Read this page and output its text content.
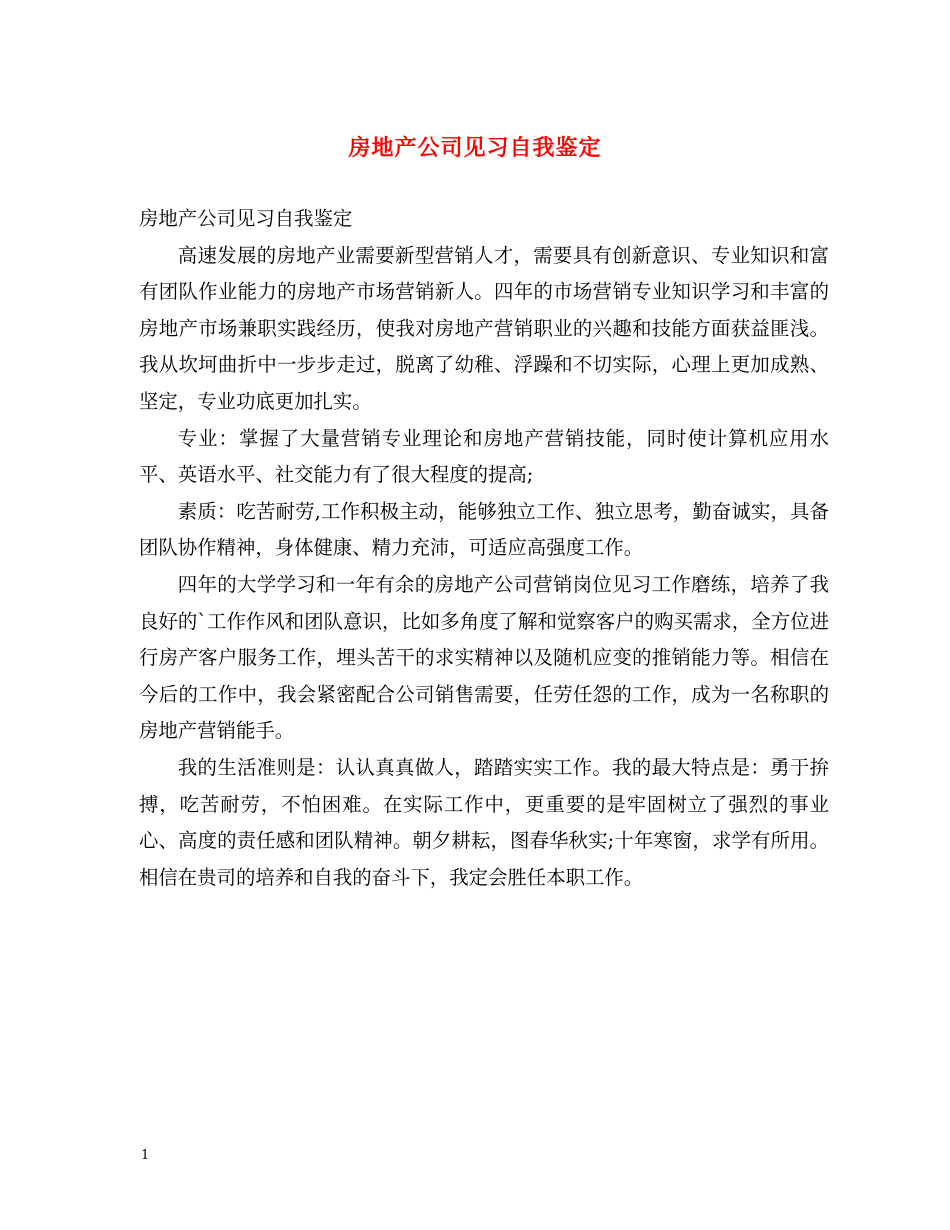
房地产公司见习自我鉴定

房地产公司见习自我鉴定

高速发展的房地产业需要新型营销人才，需要具有创新意识、专业知识和富有团队作业能力的房地产市场营销新人。四年的市场营销专业知识学习和丰富的房地产市场兼职实践经历，使我对房地产营销职业的兴趣和技能方面获益匪浅。我从坎坷曲折中一步步走过，脱离了幼稚、浮躁和不切实际，心理上更加成熟、坚定，专业功底更加扎实。

专业：掌握了大量营销专业理论和房地产营销技能，同时使计算机应用水平、英语水平、社交能力有了很大程度的提高;

素质：吃苦耐劳,工作积极主动，能够独立工作、独立思考，勤奋诚实，具备团队协作精神，身体健康、精力充沛，可适应高强度工作。

四年的大学学习和一年有余的房地产公司营销岗位见习工作磨练，培养了我良好的`工作作风和团队意识，比如多角度了解和觉察客户的购买需求，全方位进行房产客户服务工作，埋头苦干的求实精神以及随机应变的推销能力等。相信在今后的工作中，我会紧密配合公司销售需要，任劳任怨的工作，成为一名称职的房地产营销能手。

我的生活准则是：认认真真做人，踏踏实实工作。我的最大特点是：勇于拚搏，吃苦耐劳，不怕困难。在实际工作中，更重要的是牢固树立了强烈的事业心、高度的责任感和团队精神。朝夕耕耘，图春华秋实;十年寒窗，求学有所用。相信在贵司的培养和自我的奋斗下，我定会胜任本职工作。

1
